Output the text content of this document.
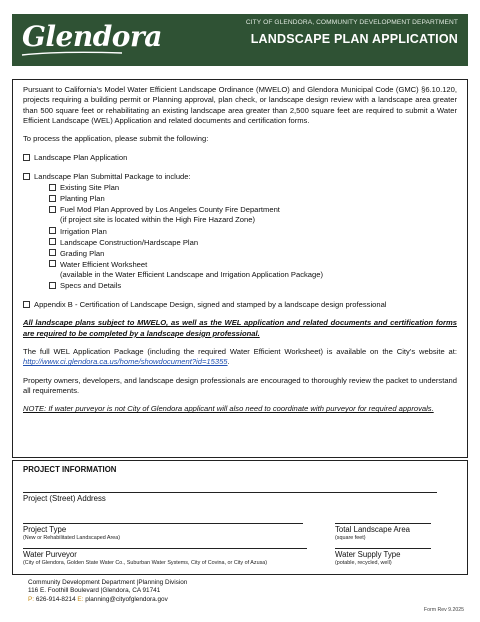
Glendora	CITY OF GLENDORA, COMMUNITY DEVELOPMENT DEPARTMENT
LANDSCAPE PLAN APPLICATION

Pursuant to California’s Model Water Efficient Landscape Ordinance (MWELO) and Glendora Municipal Code (GMC) §6.10.120, projects requiring a building permit or Planning approval, plan check, or landscape design review with a landscape area greater than 500 square feet or rehabilitating an existing landscape area greater than 2,500 square feet are required to submit a Water Efficient Landscape (WEL) Application and related documents and certification forms.

To process the application, please submit the following:

Landscape Plan Application
Landscape Plan Submittal Package to include:
Existing Site Plan
Planting Plan
Fuel Mod Plan Approved by Los Angeles County Fire Department
(if project site is located within the High Fire Hazard Zone)
Irrigation Plan
Landscape Construction/Hardscape Plan
Grading Plan
Water Efficient Worksheet
(available in the Water Efficient Landscape and Irrigation Application Package)
Specs and Details
Appendix B - Certification of Landscape Design, signed and stamped by a landscape design professional

All landscape plans subject to MWELO, as well as the WEL application and related documents and certification forms are required to be completed by a landscape design professional.

The full WEL Application Package (including the required Water Efficient Worksheet) is available on the City’s website at: http://www.ci.glendora.ca.us/home/showdocument?id=15355.

Property owners, developers, and landscape design professionals are encouraged to thoroughly review the packet to understand all requirements.

NOTE: If water purveyor is not City of Glendora applicant will also need to coordinate with purveyor for required approvals.

PROJECT INFORMATION
Project (Street) Address
Project Type
(New or Rehabilitated Landscaped Area)
Total Landscape Area
(square feet)
Water Purveyor
(City of Glendora, Golden State Water Co., Suburban Water Systems, City of Covina, or City of Azusa)
Water Supply Type
(potable, recycled, well)
Community Development Department |Planning Division
116 E. Foothill Boulevard |Glendora, CA 91741
P: 626-914-8214 E: planning@cityofglendora.gov
Form Rev 9.2025
